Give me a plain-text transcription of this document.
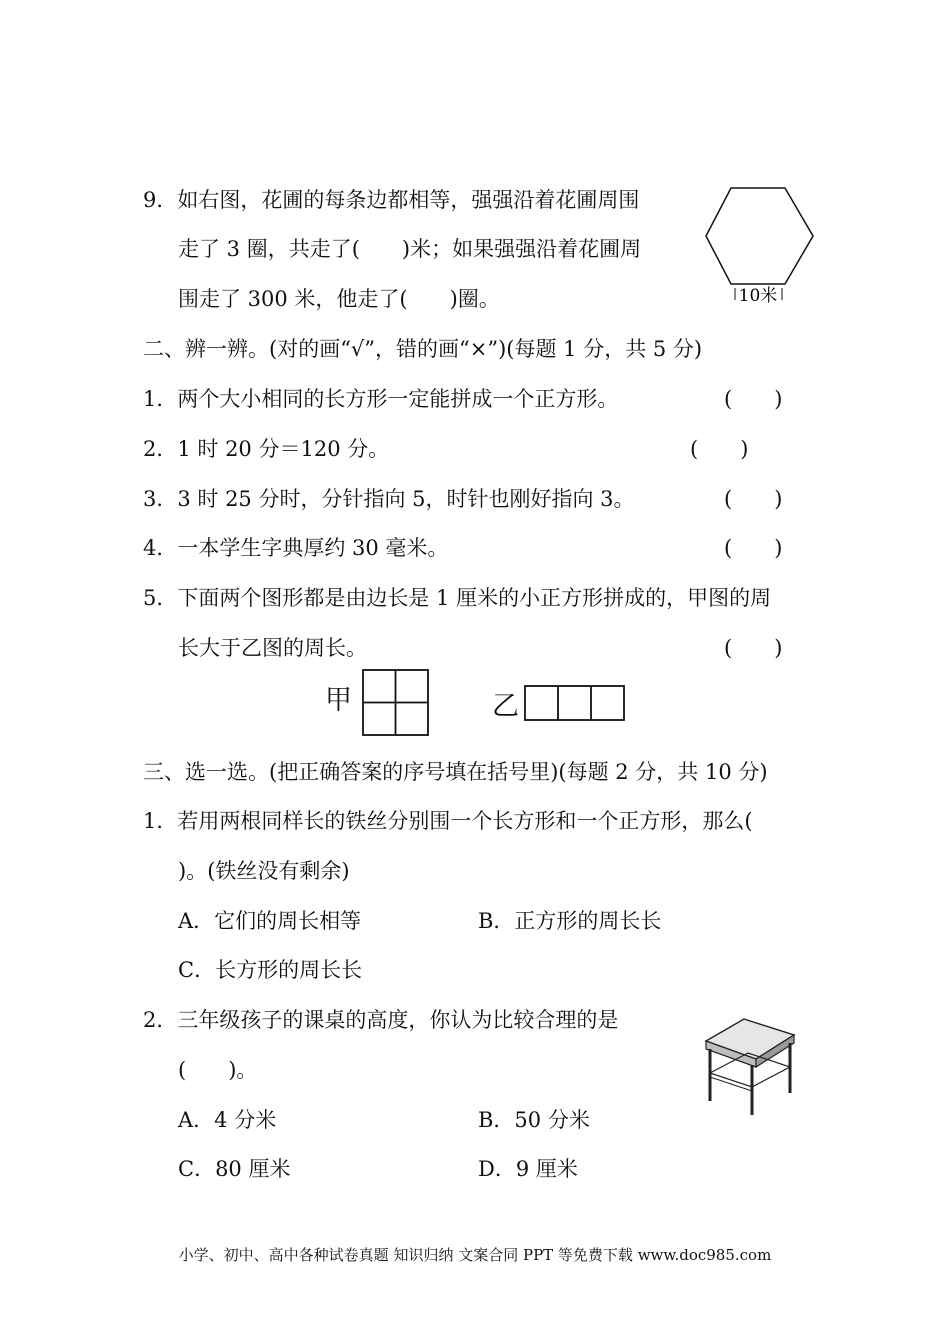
9．如右图，花圃的每条边都相等，强强沿着花圃周围
走了 3 圈，共走了(　　)米；如果强强沿着花圃周
围走了 300 米，他走了(　　)圈。	10米
二、辨一辨。(对的画“√”，错的画“×”)(每题 1 分，共 5 分)
1．两个大小相同的长方形一定能拼成一个正方形。	(　　)
2．1 时 20 分＝120 分。	(　　)
3．3 时 25 分时，分针指向 5，时针也刚好指向 3。	(　　)
4．一本学生字典厚约 30 毫米。	(　　)
5．下面两个图形都是由边长是 1 厘米的小正方形拼成的，甲图的周
长大于乙图的周长。	(　　)
甲	乙
三、选一选。(把正确答案的序号填在括号里)(每题 2 分，共 10 分)
1．若用两根同样长的铁丝分别围一个长方形和一个正方形，那么(
)。(铁丝没有剩余)
A．它们的周长相等	B．正方形的周长长
C．长方形的周长长
2．三年级孩子的课桌的高度，你认为比较合理的是
(　　)。
A．4 分米	B．50 分米
C．80 厘米	D．9 厘米
小学、初中、高中各种试卷真题 知识归纳 文案合同 PPT 等免费下载 www.doc985.com
